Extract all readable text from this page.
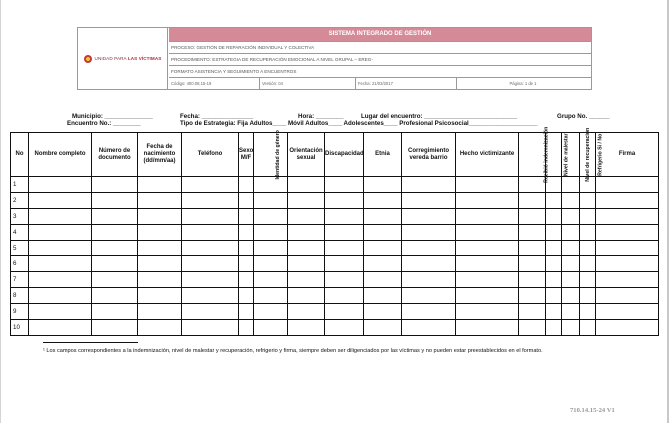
UNIDAD PARA LAS VÍCTIMAS
SISTEMA INTEGRADO DE GESTIÓN
PROCESO: GESTIÓN DE REPARACIÓN INDIVIDUAL Y COLECTIVA
PROCEDIMIENTO: ESTRATEGIA DE RECUPERACIÓN EMOCIONAL A NIVEL GRUPAL – EREG-
FORMATO ASISTENCIA Y SEGUIMIENTO A ENCUENTROS
Código: 400.08,15-19	Versión: 04	Fecha: 21/03/2017	Página: 1 de 1
Municipio: ______________	Fecha: _______________	Hora: ________	Lugar del encuentro: ___________________________	Grupo No. ______
Encuentro No.: ________	Tipo de Estrategia: Fija Adultos____ Móvil Adultos____ Adolescentes____ Profesional Psicosocial____________________
No	Nombre completo	Número de documento	Fecha de nacimiento (dd/mm/aa)	Teléfono	Sexo M/F	Identidad de género	Orientación sexual	Discapacidad	Etnia	Corregimiento vereda barrio	Hecho victimizante	Recibió indemnización	Nivel de malestar	Nivel de recuperación	Refrigerio Si / No	Firma
1																
2																
3																
4																
5																
6																
7																
8																
9																
10																
¹ Los campos correspondientes a la indemnización, nivel de malestar y recuperación, refrigerio y firma, siempre deben ser diligenciados por las víctimas y no pueden estar preestablecidos en el formato.
710.14.15-24 V1
